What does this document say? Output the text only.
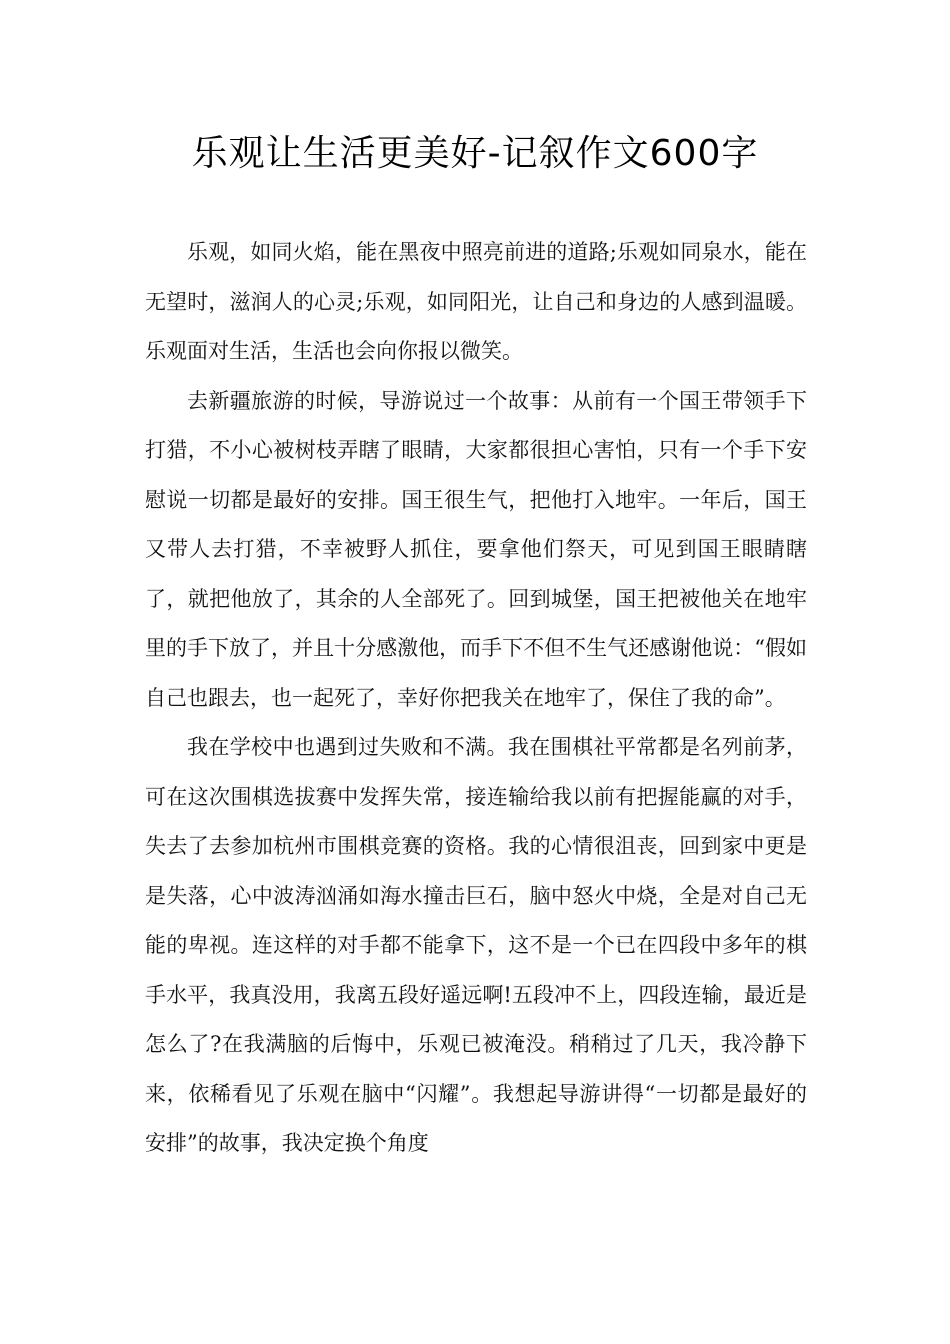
乐观让生活更美好-记叙作文600字

乐观，如同火焰，能在黑夜中照亮前进的道路;乐观如同泉水，能在无望时，滋润人的心灵;乐观，如同阳光，让自己和身边的人感到温暖。乐观面对生活，生活也会向你报以微笑。

去新疆旅游的时候，导游说过一个故事：从前有一个国王带领手下打猎，不小心被树枝弄瞎了眼睛，大家都很担心害怕，只有一个手下安慰说一切都是最好的安排。国王很生气，把他打入地牢。一年后，国王又带人去打猎，不幸被野人抓住，要拿他们祭天，可见到国王眼睛瞎了，就把他放了，其余的人全部死了。回到城堡，国王把被他关在地牢里的手下放了，并且十分感激他，而手下不但不生气还感谢他说：“假如自己也跟去，也一起死了，幸好你把我关在地牢了，保住了我的命”。

我在学校中也遇到过失败和不满。我在围棋社平常都是名列前茅，可在这次围棋选拔赛中发挥失常，接连输给我以前有把握能赢的对手，失去了去参加杭州市围棋竞赛的资格。我的心情很沮丧，回到家中更是是失落，心中波涛汹涌如海水撞击巨石，脑中怒火中烧，全是对自己无能的卑视。连这样的对手都不能拿下，这不是一个已在四段中多年的棋手水平，我真没用，我离五段好遥远啊!五段冲不上，四段连输，最近是怎么了?在我满脑的后悔中，乐观已被淹没。稍稍过了几天，我冷静下来，依稀看见了乐观在脑中“闪耀”。我想起导游讲得“一切都是最好的安排”的故事，我决定换个角度
